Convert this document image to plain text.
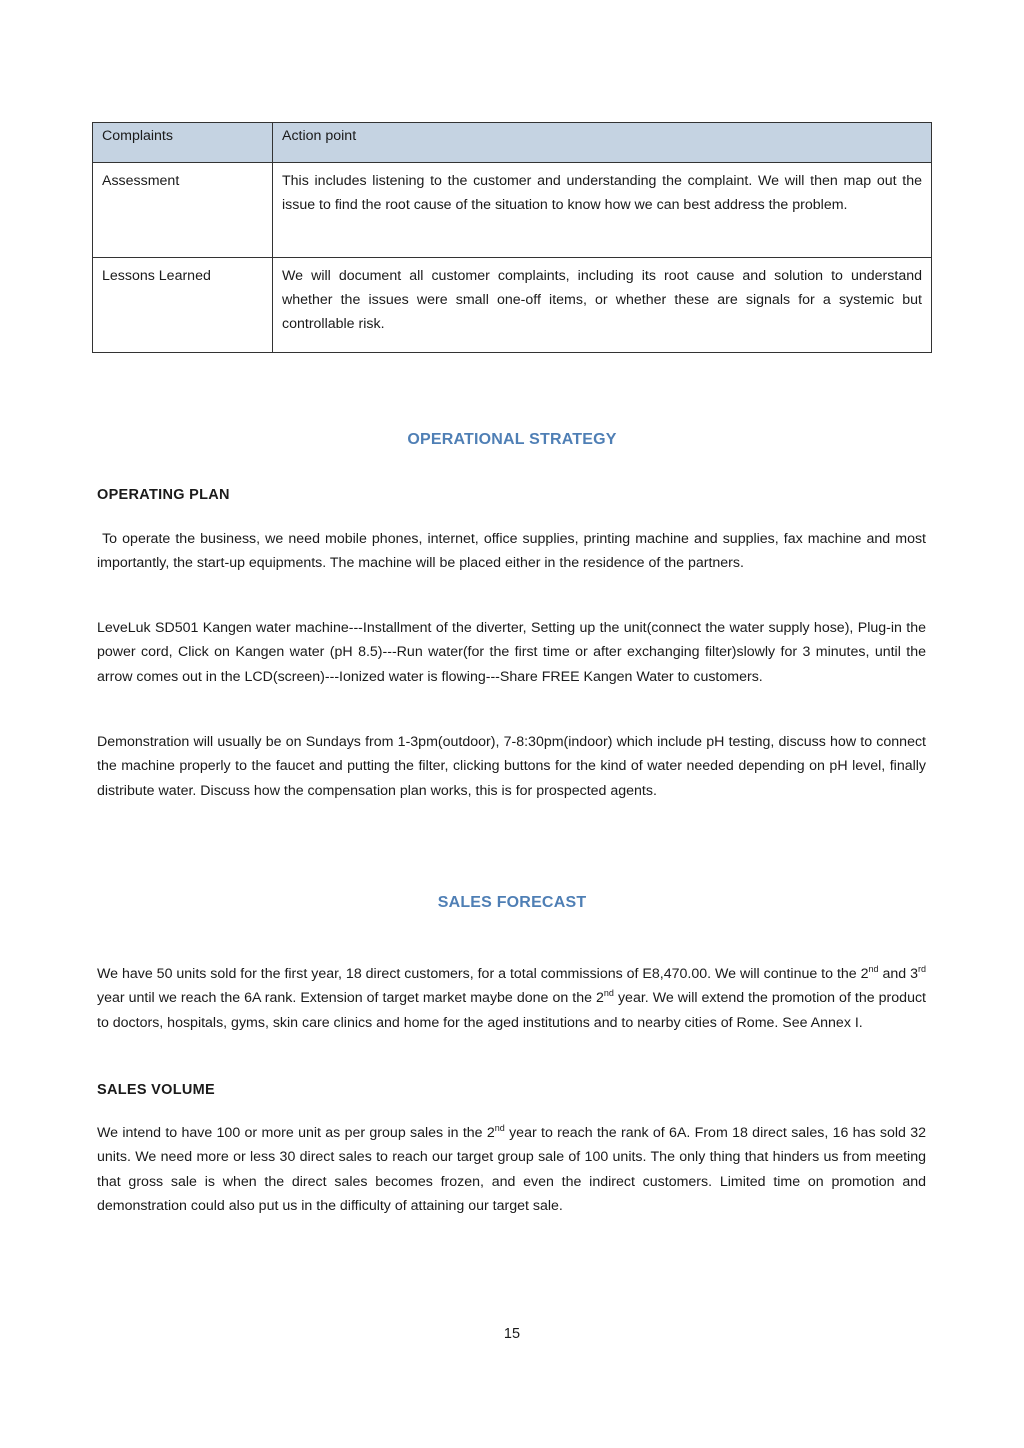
Complaints	Action point
Assessment	This includes listening to the customer and understanding the complaint. We will then map out the issue to find the root cause of the situation to know how we can best address the problem.
Lessons Learned	We will document all customer complaints, including its root cause and solution to understand whether the issues were small one-off items, or whether these are signals for a systemic but controllable risk.
OPERATIONAL STRATEGY
OPERATING PLAN

To operate the business, we need mobile phones, internet, office supplies, printing machine and supplies, fax machine and most importantly, the start-up equipments. The machine will be placed either in the residence of the partners.

LeveLuk SD501 Kangen water machine---Installment of the diverter, Setting up the unit(connect the water supply hose), Plug-in the power cord, Click on Kangen water (pH 8.5)---Run water(for the first time or after exchanging filter)slowly for 3 minutes, until the arrow comes out in the LCD(screen)---Ionized water is flowing---Share FREE Kangen Water to customers.

Demonstration will usually be on Sundays from 1-3pm(outdoor), 7-8:30pm(indoor) which include pH testing, discuss how to connect the machine properly to the faucet and putting the filter, clicking buttons for the kind of water needed depending on pH level, finally distribute water. Discuss how the compensation plan works, this is for prospected agents.

SALES FORECAST

We have 50 units sold for the first year, 18 direct customers, for a total commissions of E8,470.00. We will continue to the 2nd and 3rd year until we reach the 6A rank. Extension of target market maybe done on the 2nd year. We will extend the promotion of the product to doctors, hospitals, gyms, skin care clinics and home for the aged institutions and to nearby cities of Rome. See Annex I.

SALES VOLUME

We intend to have 100 or more unit as per group sales in the 2nd year to reach the rank of 6A. From 18 direct sales, 16 has sold 32 units. We need more or less 30 direct sales to reach our target group sale of 100 units. The only thing that hinders us from meeting that gross sale is when the direct sales becomes frozen, and even the indirect customers. Limited time on promotion and demonstration could also put us in the difficulty of attaining our target sale.

15
